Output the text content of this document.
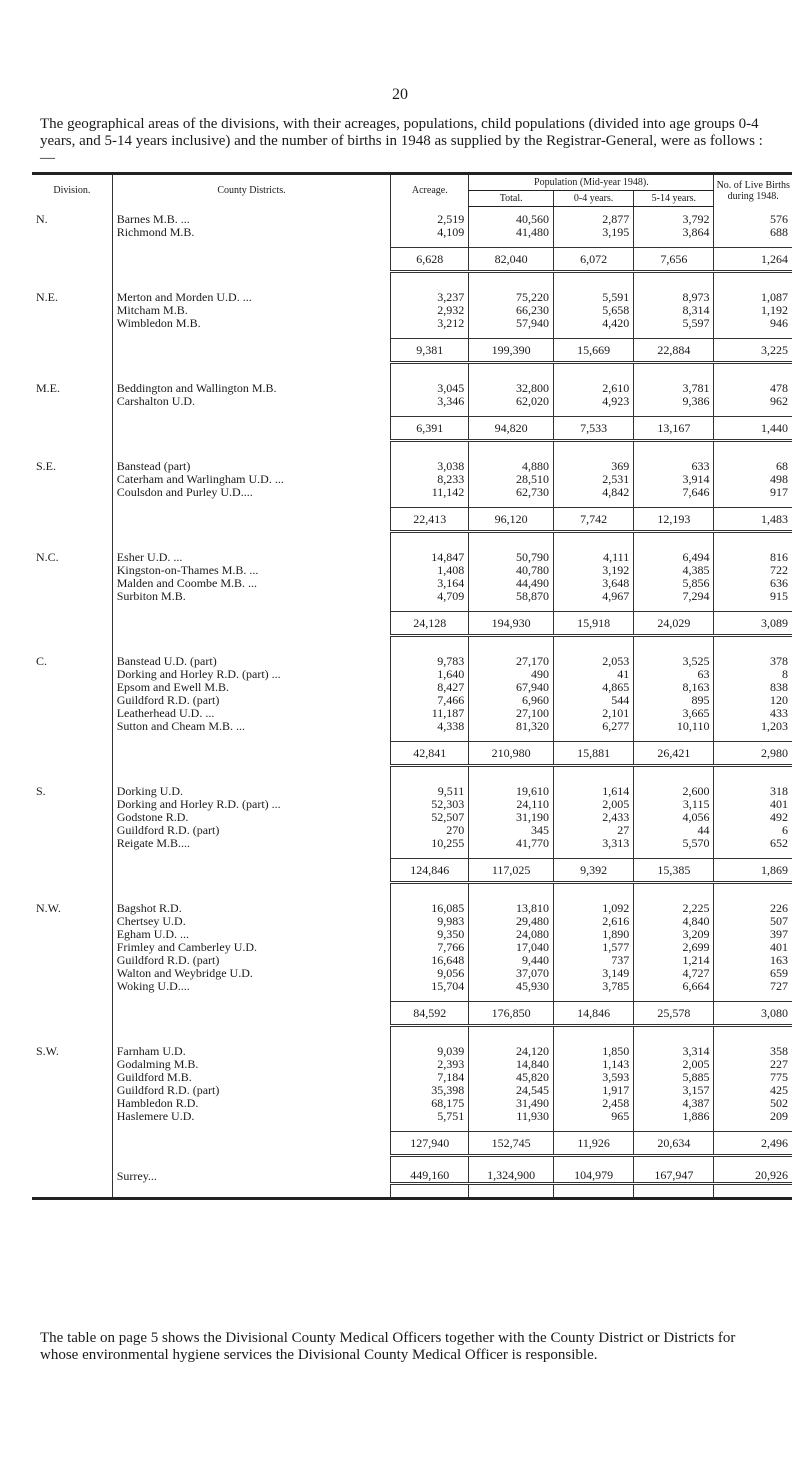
20

The geographical areas of the divisions, with their acreages, populations, child populations (divided into age groups 0-4 years, and 5-14 years inclusive) and the number of births in 1948 as supplied by the Registrar-General, were as follows :—

Division.	County Districts.	Acreage.	Population (Mid-year 1948).			No. of Live Births during 1948.
			Total.	0-4 years.	5-14 years.	
N.	Barnes M.B. ...	2,519	40,560	2,877	3,792	576
	Richmond M.B.	4,109	41,480	3,195	3,864	688

		6,628	82,040	6,072	7,656	1,264

N.E.	Merton and Morden U.D. ...	3,237	75,220	5,591	8,973	1,087
	Mitcham M.B.	2,932	66,230	5,658	8,314	1,192
	Wimbledon M.B.	3,212	57,940	4,420	5,597	946

		9,381	199,390	15,669	22,884	3,225

M.E.	Beddington and Wallington M.B.	3,045	32,800	2,610	3,781	478
	Carshalton U.D.	3,346	62,020	4,923	9,386	962

		6,391	94,820	7,533	13,167	1,440

S.E.	Banstead (part)	3,038	4,880	369	633	68
	Caterham and Warlingham U.D. ...	8,233	28,510	2,531	3,914	498
	Coulsdon and Purley U.D....	11,142	62,730	4,842	7,646	917

		22,413	96,120	7,742	12,193	1,483

N.C.	Esher U.D. ...	14,847	50,790	4,111	6,494	816
	Kingston-on-Thames M.B. ...	1,408	40,780	3,192	4,385	722
	Malden and Coombe M.B. ...	3,164	44,490	3,648	5,856	636
	Surbiton M.B.	4,709	58,870	4,967	7,294	915

		24,128	194,930	15,918	24,029	3,089

C.	Banstead U.D. (part)	9,783	27,170	2,053	3,525	378
	Dorking and Horley R.D. (part) ...	1,640	490	41	63	8
	Epsom and Ewell M.B.	8,427	67,940	4,865	8,163	838
	Guildford R.D. (part)	7,466	6,960	544	895	120
	Leatherhead U.D. ...	11,187	27,100	2,101	3,665	433
	Sutton and Cheam M.B. ...	4,338	81,320	6,277	10,110	1,203

		42,841	210,980	15,881	26,421	2,980

S.	Dorking U.D.	9,511	19,610	1,614	2,600	318
	Dorking and Horley R.D. (part) ...	52,303	24,110	2,005	3,115	401
	Godstone R.D.	52,507	31,190	2,433	4,056	492
	Guildford R.D. (part)	270	345	27	44	6
	Reigate M.B....	10,255	41,770	3,313	5,570	652

		124,846	117,025	9,392	15,385	1,869

N.W.	Bagshot R.D.	16,085	13,810	1,092	2,225	226
	Chertsey U.D.	9,983	29,480	2,616	4,840	507
	Egham U.D. ...	9,350	24,080	1,890	3,209	397
	Frimley and Camberley U.D.	7,766	17,040	1,577	2,699	401
	Guildford R.D. (part)	16,648	9,440	737	1,214	163
	Walton and Weybridge U.D.	9,056	37,070	3,149	4,727	659
	Woking U.D....	15,704	45,930	3,785	6,664	727

		84,592	176,850	14,846	25,578	3,080

S.W.	Farnham U.D.	9,039	24,120	1,850	3,314	358
	Godalming M.B.	2,393	14,840	1,143	2,005	227
	Guildford M.B.	7,184	45,820	3,593	5,885	775
	Guildford R.D. (part)	35,398	24,545	1,917	3,157	425
	Hambledon R.D.	68,175	31,490	2,458	4,387	502
	Haslemere U.D.	5,751	11,930	965	1,886	209

		127,940	152,745	11,926	20,634	2,496

	Surrey...	449,160	1,324,900	104,979	167,947	20,926

The table on page 5 shows the Divisional County Medical Officers together with the County District or Districts for whose environmental hygiene services the Divisional County Medical Officer is responsible.
